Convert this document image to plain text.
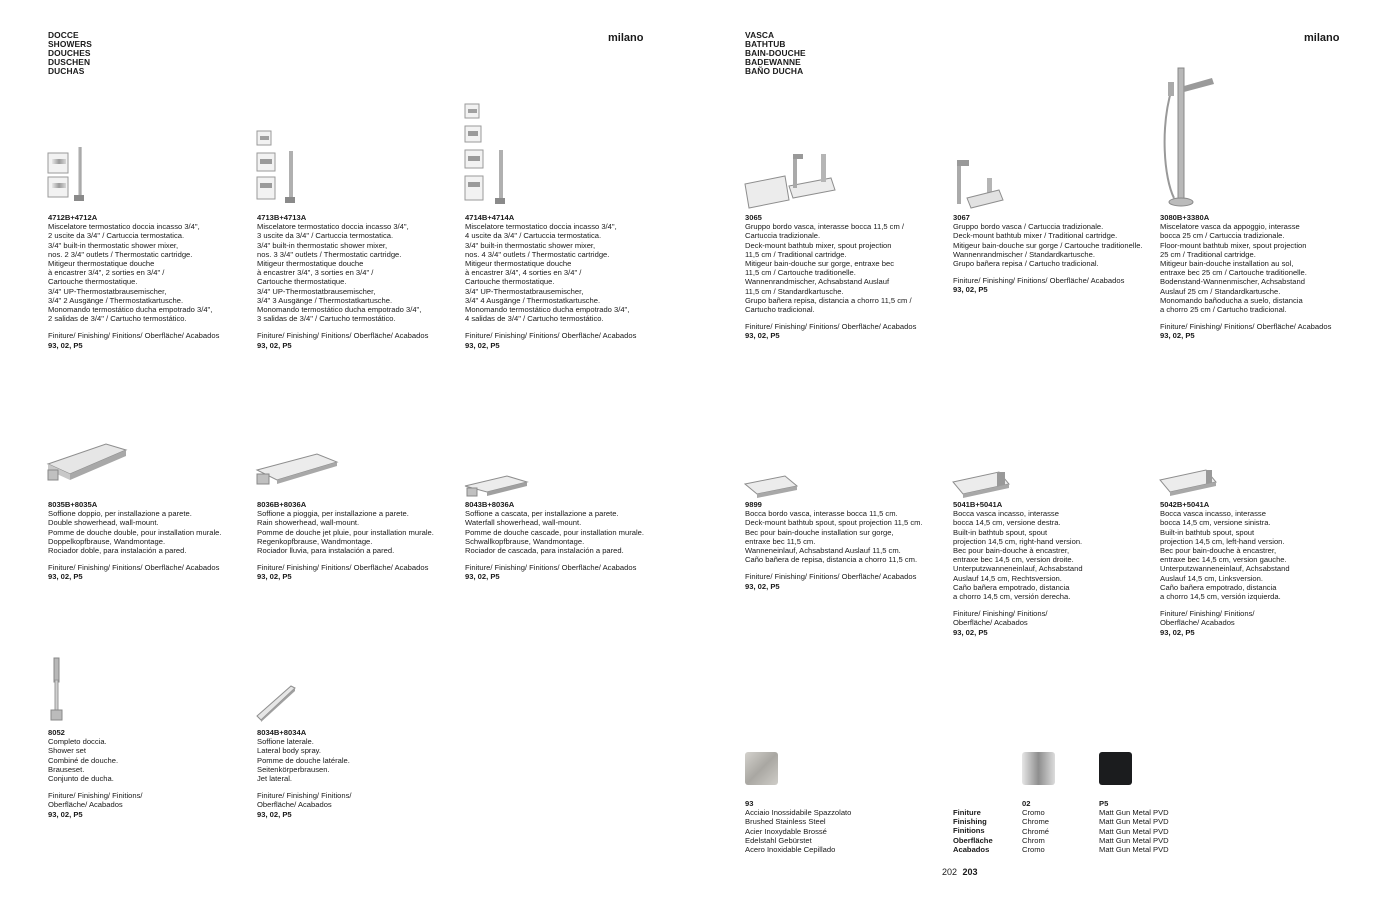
DOCCE
SHOWERS
DOUCHES
DUSCHEN
DUCHAS
milano
4712B+4712A
Miscelatore termostatico doccia incasso 3/4",
2 uscite da 3/4" / Cartuccia termostatica.
3/4" built-in thermostatic shower mixer,
nos. 2 3/4" outlets / Thermostatic cartridge.
Mitigeur thermostatique douche
à encastrer 3/4", 2 sorties en 3/4" /
Cartouche thermostatique.
3/4" UP-Thermostatbrausemischer,
3/4" 2 Ausgänge / Thermostatkartusche.
Monomando termostático ducha empotrado 3/4",
2 salidas de 3/4" / Cartucho termostático.
Finiture/ Finishing/ Finitions/ Oberfläche/ Acabados
93, 02, P5
4713B+4713A
Miscelatore termostatico doccia incasso 3/4",
3 uscite da 3/4" / Cartuccia termostatica.
3/4" built-in thermostatic shower mixer,
nos. 3 3/4" outlets / Thermostatic cartridge.
Mitigeur thermostatique douche
à encastrer 3/4", 3 sorties en 3/4" /
Cartouche thermostatique.
3/4" UP-Thermostatbrausemischer,
3/4" 3 Ausgänge / Thermostatkartusche.
Monomando termostático ducha empotrado 3/4",
3 salidas de 3/4" / Cartucho termostático.
Finiture/ Finishing/ Finitions/ Oberfläche/ Acabados
93, 02, P5
4714B+4714A
Miscelatore termostatico doccia incasso 3/4",
4 uscite da 3/4" / Cartuccia termostatica.
3/4" built-in thermostatic shower mixer,
nos. 4 3/4" outlets / Thermostatic cartridge.
Mitigeur thermostatique douche
à encastrer 3/4", 4 sorties en 3/4" /
Cartouche thermostatique.
3/4" UP-Thermostatbrausemischer,
3/4" 4 Ausgänge / Thermostatkartusche.
Monomando termostático ducha empotrado 3/4",
4 salidas de 3/4" / Cartucho termostático.
Finiture/ Finishing/ Finitions/ Oberfläche/ Acabados
93, 02, P5
8035B+8035A
Soffione doppio, per installazione a parete.
Double showerhead, wall-mount.
Pomme de douche double, pour installation murale.
Doppelkopfbrause, Wandmontage.
Rociador doble, para instalación a pared.
Finiture/ Finishing/ Finitions/ Oberfläche/ Acabados
93, 02, P5
8036B+8036A
Soffione a pioggia, per installazione a parete.
Rain showerhead, wall-mount.
Pomme de douche jet pluie, pour installation murale.
Regenkopfbrause, Wandmontage.
Rociador lluvia, para instalación a pared.
Finiture/ Finishing/ Finitions/ Oberfläche/ Acabados
93, 02, P5
8043B+8036A
Soffione a cascata, per installazione a parete.
Waterfall showerhead, wall-mount.
Pomme de douche cascade, pour installation murale.
Schwallkopfbrause, Wandmontage.
Rociador de cascada, para instalación a pared.
Finiture/ Finishing/ Finitions/ Oberfläche/ Acabados
93, 02, P5
8052
Completo doccia.
Shower set
Combiné de douche.
Brauseset.
Conjunto de ducha.
Finiture/ Finishing/ Finitions/
Oberfläche/ Acabados
93, 02, P5
8034B+8034A
Soffione laterale.
Lateral body spray.
Pomme de douche latérale.
Seitenkörperbrausen.
Jet lateral.
Finiture/ Finishing/ Finitions/
Oberfläche/ Acabados
93, 02, P5
VASCA
BATHTUB
BAIN-DOUCHE
BADEWANNE
BAÑO DUCHA
milano
3065
Gruppo bordo vasca, interasse bocca 11,5 cm /
Cartuccia tradizionale.
Deck-mount bathtub mixer, spout projection
11,5 cm / Traditional cartridge.
Mitigeur bain-douche sur gorge, entraxe bec
11,5 cm / Cartouche traditionelle.
Wannenrandmischer, Achsabstand Auslauf
11,5 cm / Standardkartusche.
Grupo bañera repisa, distancia a chorro 11,5 cm /
Cartucho tradicional.
Finiture/ Finishing/ Finitions/ Oberfläche/ Acabados
93, 02, P5
3067
Gruppo bordo vasca / Cartuccia tradizionale.
Deck-mount bathtub mixer / Traditional cartridge.
Mitigeur bain-douche sur gorge / Cartouche traditionelle.
Wannenrandmischer / Standardkartusche.
Grupo bañera repisa / Cartucho tradicional.
Finiture/ Finishing/ Finitions/ Oberfläche/ Acabados
93, 02, P5
3080B+3380A
Miscelatore vasca da appoggio, interasse
bocca 25 cm / Cartuccia tradizionale.
Floor-mount bathtub mixer, spout projection
25 cm / Traditional cartridge.
Mitigeur bain-douche installation au sol,
entraxe bec 25 cm / Cartouche traditionelle.
Bodenstand-Wannenmischer, Achsabstand
Auslauf 25 cm / Standardkartusche.
Monomando bañoducha a suelo, distancia
a chorro 25 cm / Cartucho tradicional.
Finiture/ Finishing/ Finitions/ Oberfläche/ Acabados
93, 02, P5
9899
Bocca bordo vasca, interasse bocca 11,5 cm.
Deck-mount bathtub spout, spout projection 11,5 cm.
Bec pour bain-douche installation sur gorge,
entraxe bec 11,5 cm.
Wanneneinlauf, Achsabstand Auslauf 11,5 cm.
Caño bañera de repisa, distancia a chorro 11,5 cm.
Finiture/ Finishing/ Finitions/ Oberfläche/ Acabados
93, 02, P5
5041B+5041A
Bocca vasca incasso, interasse
bocca 14,5 cm, versione destra.
Built-in bathtub spout, spout
projection 14,5 cm, right-hand version.
Bec pour bain-douche à encastrer,
entraxe bec 14,5 cm, version droite.
Unterputzwanneneinlauf, Achsabstand
Auslauf 14,5 cm, Rechtsversion.
Caño bañera empotrado, distancia
a chorro 14,5 cm, versión derecha.
Finiture/ Finishing/ Finitions/
Oberfläche/ Acabados
93, 02, P5
5042B+5041A
Bocca vasca incasso, interasse
bocca 14,5 cm, versione sinistra.
Built-in bathtub spout, spout
projection 14,5 cm, left-hand version.
Bec pour bain-douche à encastrer,
entraxe bec 14,5 cm, version gauche.
Unterputzwanneneinlauf, Achsabstand
Auslauf 14,5 cm, Linksversion.
Caño bañera empotrado, distancia
a chorro 14,5 cm, versión izquierda.
Finiture/ Finishing/ Finitions/
Oberfläche/ Acabados
93, 02, P5
93
Acciaio Inossidabile Spazzolato
Brushed Stainless Steel
Acier Inoxydable Brossé
Edelstahl Gebürstet
Acero Inoxidable Cepillado
Finiture
Finishing
Finitions
Oberfläche
Acabados
02
Cromo
Chrome
Chromé
Chrom
Cromo
P5
Matt Gun Metal PVD
Matt Gun Metal PVD
Matt Gun Metal PVD
Matt Gun Metal PVD
Matt Gun Metal PVD
202 203
